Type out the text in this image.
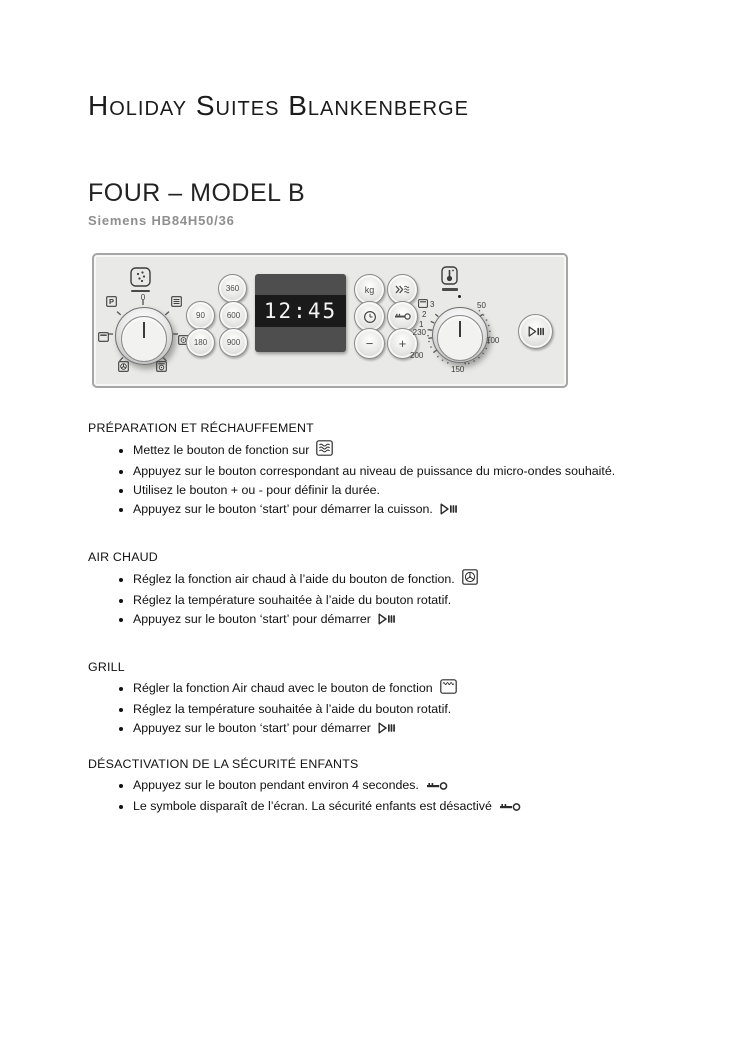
Holiday Suites Blankenberge
FOUR – MODEL B
Siemens HB84H50/36
0
P
360
90	600
180 900
12:45
kg
− +
3
2
1
230
200
150
100
50
PRÉPARATION ET RÉCHAUFFEMENT
• Mettez le bouton de fonction sur
• Appuyez sur le bouton correspondant au niveau de puissance du micro-ondes souhaité.
• Utilisez le bouton + ou - pour définir la durée.
• Appuyez sur le bouton ‘start’ pour démarrer la cuisson.
AIR CHAUD
• Réglez la fonction air chaud à l’aide du bouton de fonction.
• Réglez la température souhaitée à l’aide du bouton rotatif.
• Appuyez sur le bouton ‘start’ pour démarrer
GRILL
• Régler la fonction Air chaud avec le bouton de fonction
• Réglez la température souhaitée à l’aide du bouton rotatif.
• Appuyez sur le bouton ‘start’ pour démarrer
DÉSACTIVATION DE LA SÉCURITÉ ENFANTS
• Appuyez sur le bouton pendant environ 4 secondes.
• Le symbole disparaît de l’écran. La sécurité enfants est désactivé
